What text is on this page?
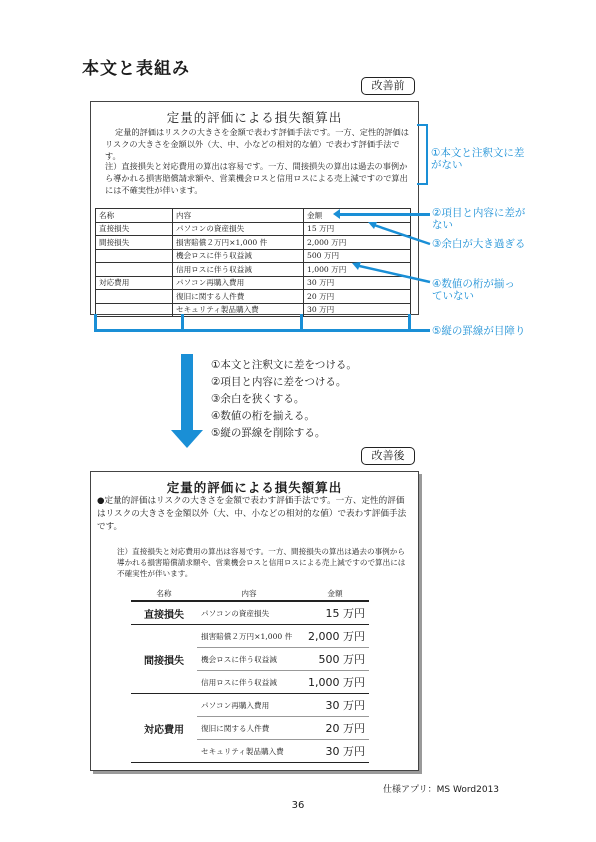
本文と表組み
改善前
定量的評価による損失額算出
定量的評価はリスクの大きさを金額で表わす評価手法です。一方、定性的評価はリスクの大きさを金額以外（大、中、小などの相対的な値）で表わす評価手法です。
注）直接損失と対応費用の算出は容易です。一方、間接損失の算出は過去の事例から導かれる損害賠償請求額や、営業機会ロスと信用ロスによる売上減ですので算出には不確実性が伴います。
名称	内容	金額
直接損失	パソコンの資産損失	15 万円
間接損失	損害賠償２万円×1,000 件	2,000 万円
	機会ロスに伴う収益減	500 万円
	信用ロスに伴う収益減	1,000 万円
対応費用	パソコン再購入費用	30 万円
	復旧に関する人件費	20 万円
	セキュリティ製品購入費	30 万円
①本文と注釈文に差がない
②項目と内容に差がない
③余白が大き過ぎる
④数値の桁が揃っていない
⑤縦の罫線が目障り
①本文と注釈文に差をつける。
②項目と内容に差をつける。
③余白を狭くする。
④数値の桁を揃える。
⑤縦の罫線を削除する。
改善後
定量的評価による損失額算出
●定量的評価はリスクの大きさを金額で表わす評価手法です。一方、定性的評価はリスクの大きさを金額以外（大、中、小などの相対的な値）で表わす評価手法です。
注）直接損失と対応費用の算出は容易です。一方、間接損失の算出は過去の事例から導かれる損害賠償請求額や、営業機会ロスと信用ロスによる売上減ですので算出には不確実性が伴います。
名称	内容	金額
直接損失	パソコンの資産損失	15 万円
間接損失	損害賠償２万円×1,000 件	2,000 万円
	機会ロスに伴う収益減	500 万円
	信用ロスに伴う収益減	1,000 万円
対応費用	パソコン再購入費用	30 万円
	復旧に関する人件費	20 万円
	セキュリティ製品購入費	30 万円
仕様アプリ：MS Word2013
36
